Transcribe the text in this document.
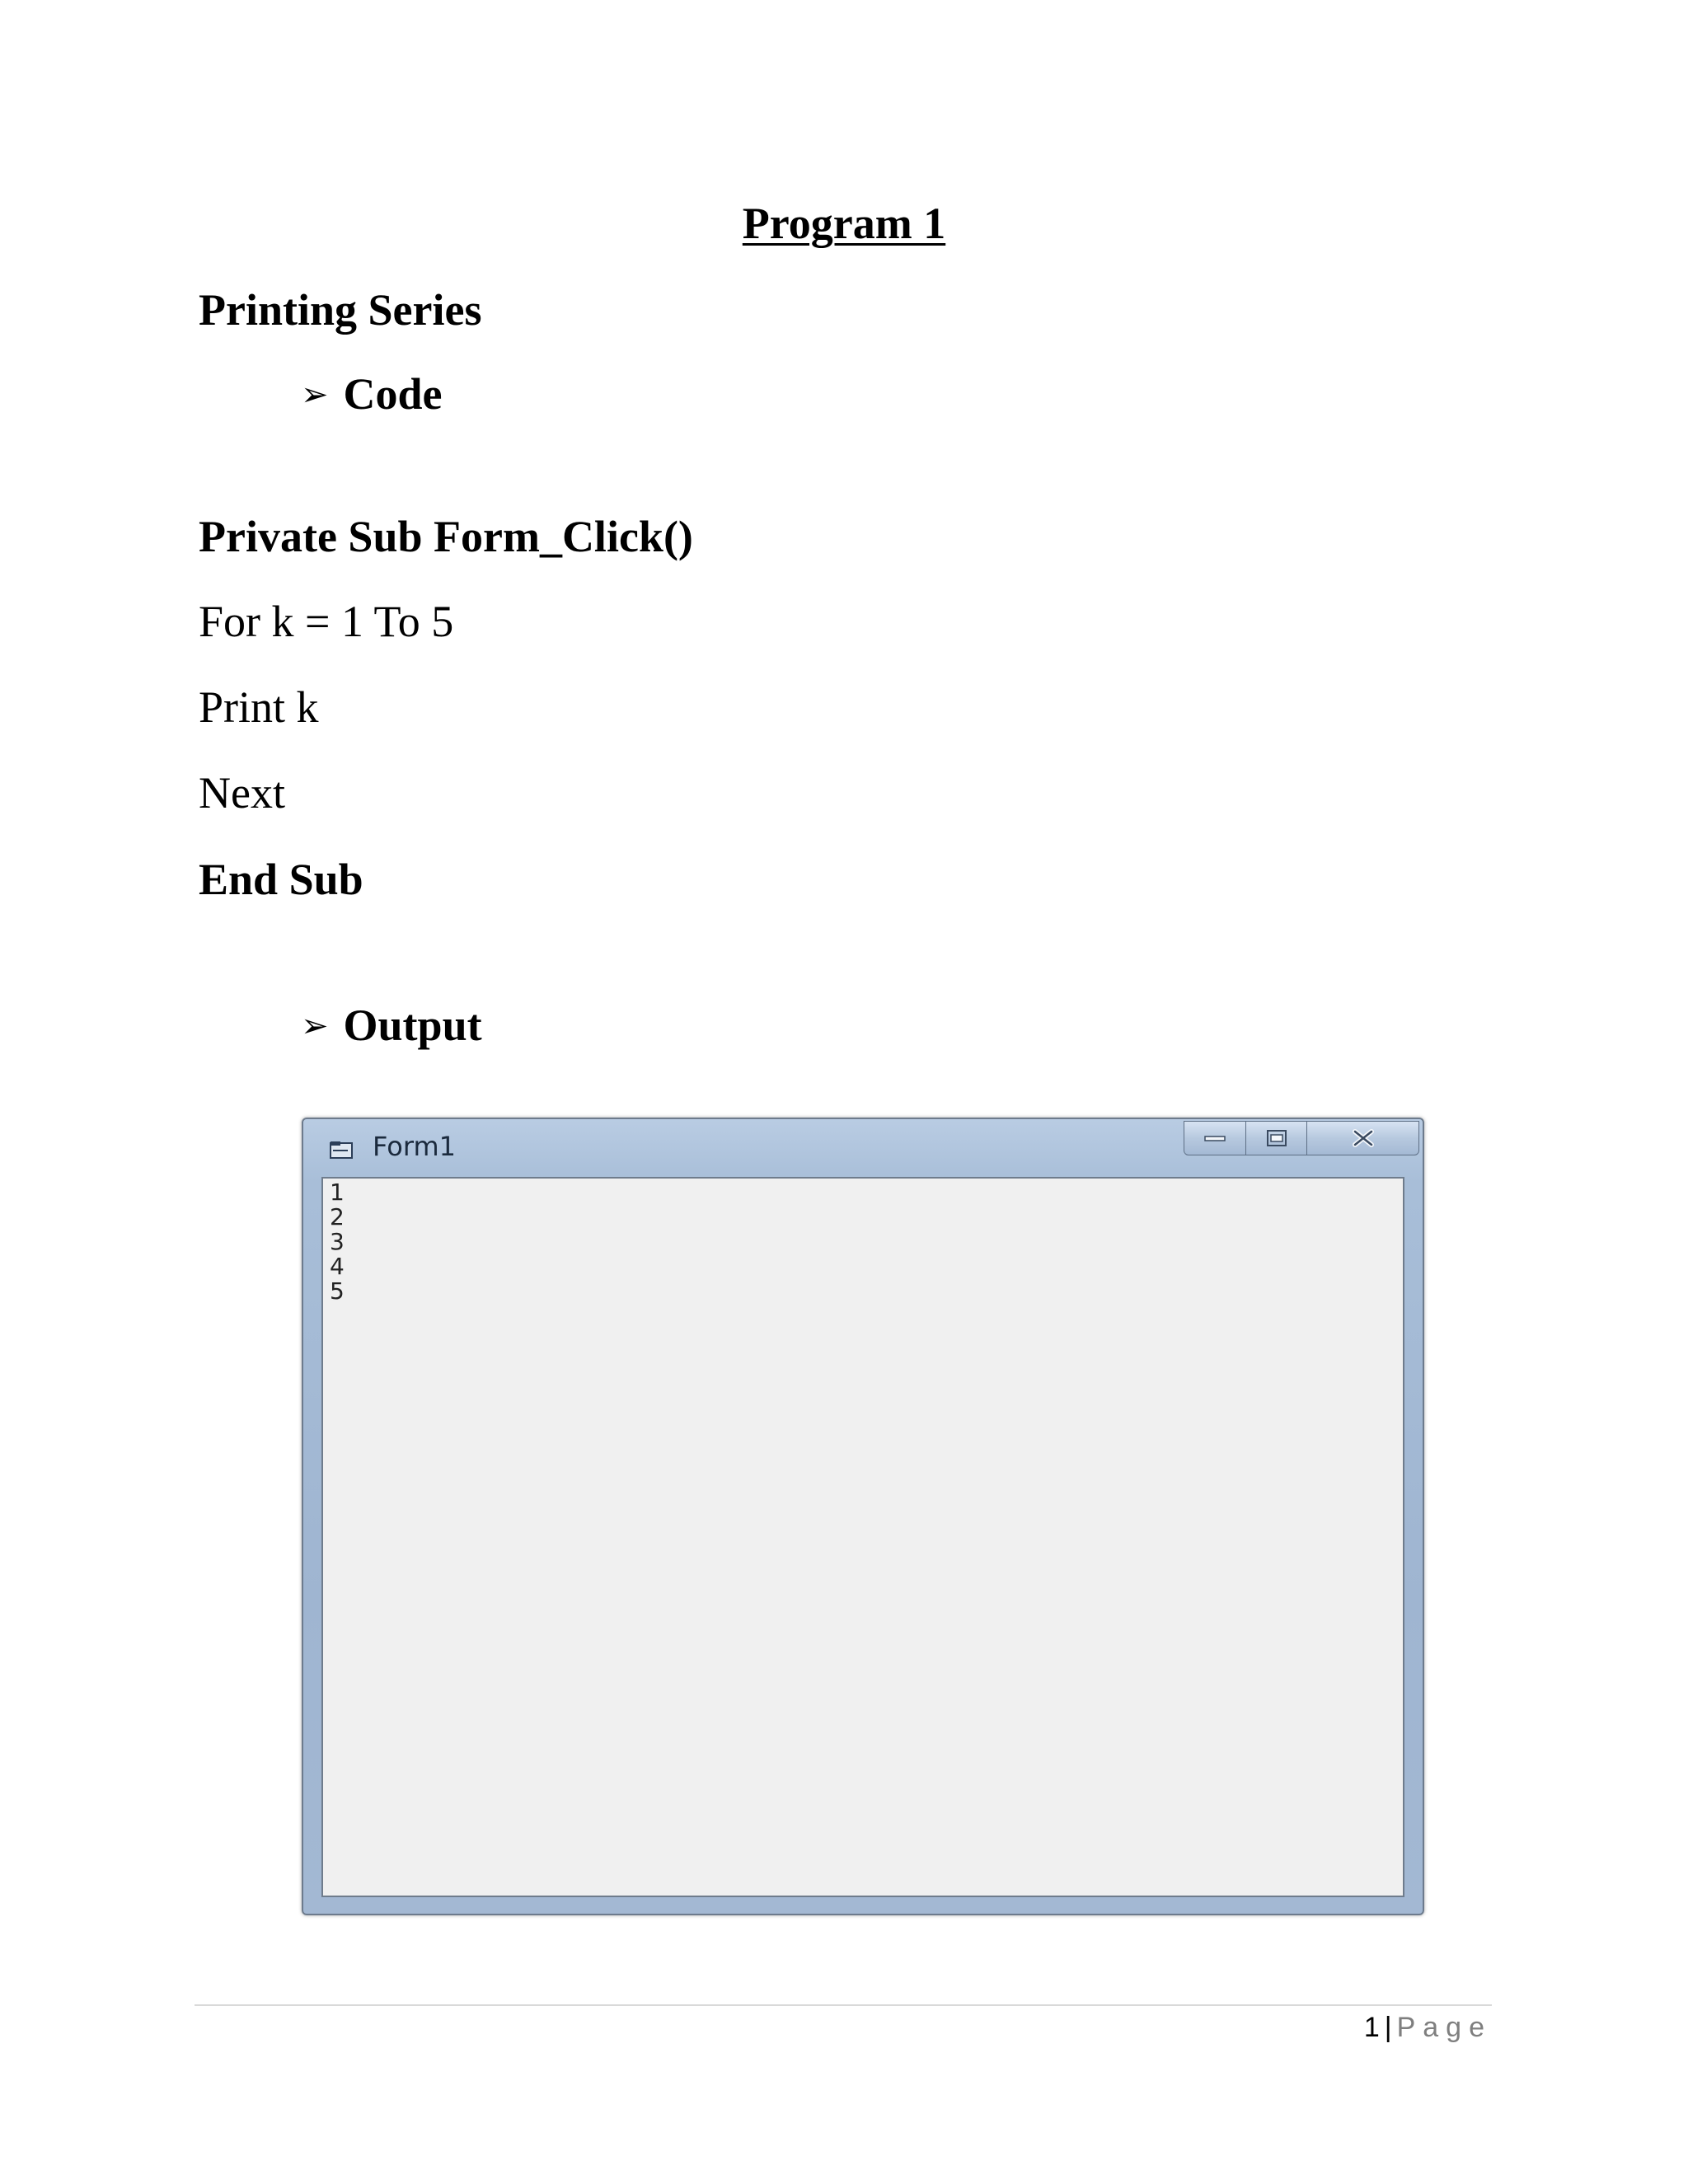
Program 1
Printing Series
➢ Code
Private Sub Form_Click()
For k = 1 To 5
Print k
Next
End Sub
➢ Output
Form1
1
2
3
4
5
1 | Page
